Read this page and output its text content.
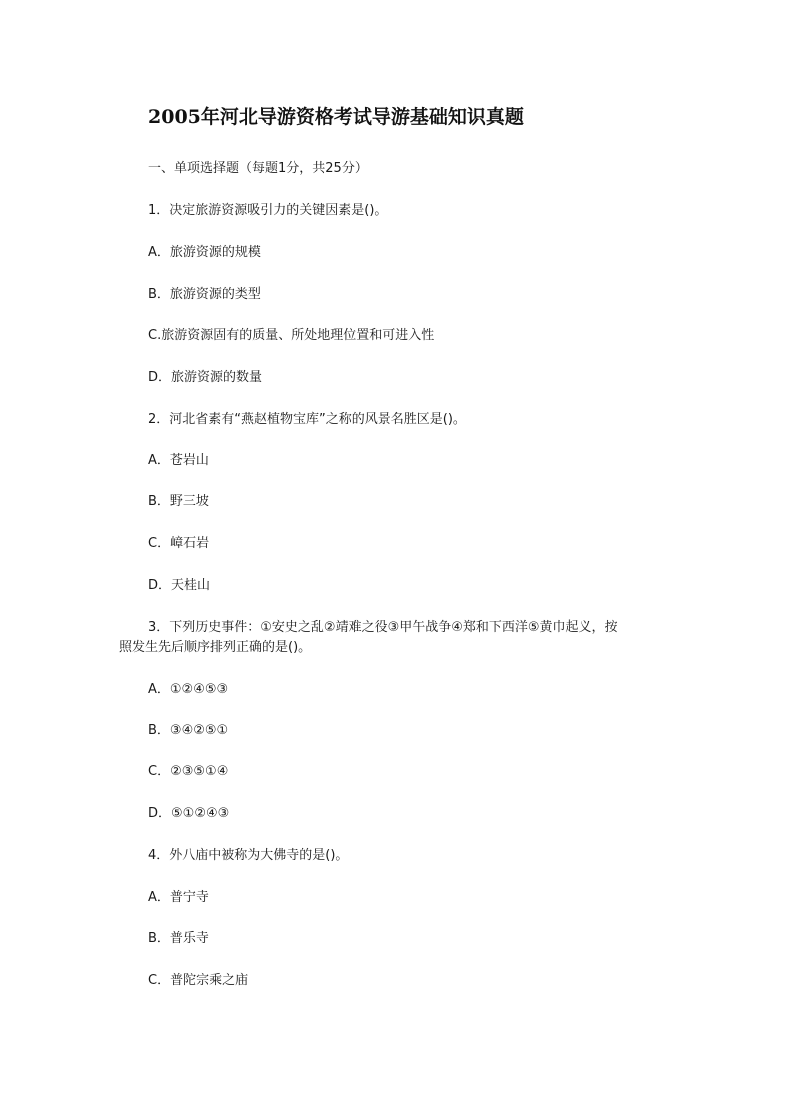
2005年河北导游资格考试导游基础知识真题
一、单项选择题（每题1分，共25分）
1．决定旅游资源吸引力的关键因素是()。
A．旅游资源的规模
B．旅游资源的类型
C.旅游资源固有的质量、所处地理位置和可进入性
D．旅游资源的数量
2．河北省素有“燕赵植物宝库”之称的风景名胜区是()。
A．苍岩山
B．野三坡
C．嶂石岩
D．天桂山
3．下列历史事件：①安史之乱②靖难之役③甲午战争④郑和下西洋⑤黄巾起义，按
照发生先后顺序排列正确的是()。
A．①②④⑤③
B．③④②⑤①
C．②③⑤①④
D．⑤①②④③
4．外八庙中被称为大佛寺的是()。
A．普宁寺
B．普乐寺
C．普陀宗乘之庙
